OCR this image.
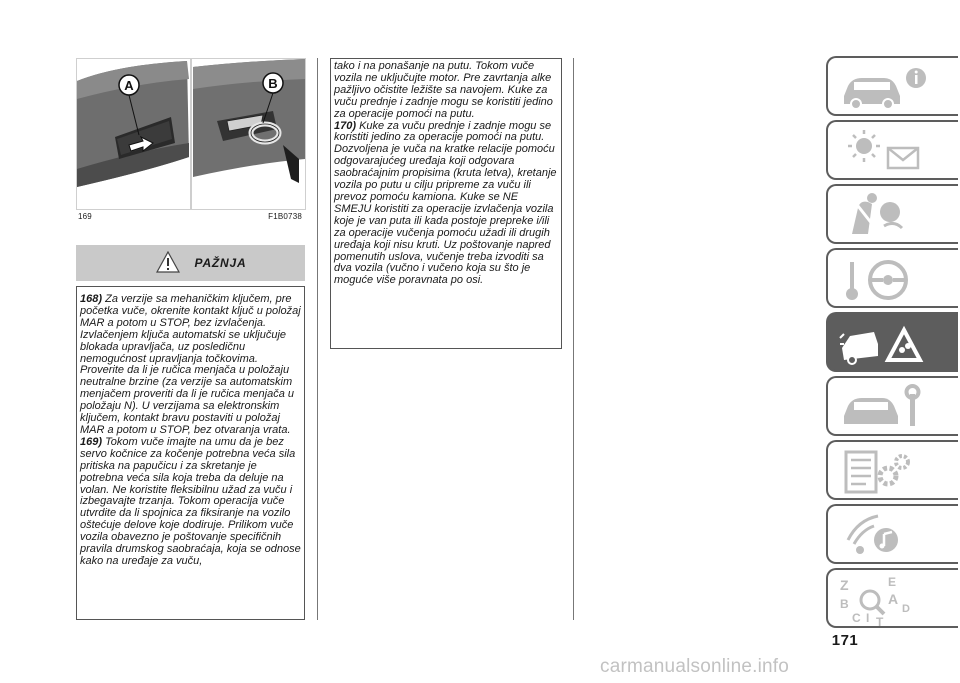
A	B
169	F1B0738
PAŽNJA

168) Za verzije sa mehaničkim ključem, pre početka vuče, okrenite kontakt ključ u položaj MAR a potom u STOP, bez izvlačenja. Izvlačenjem ključa automatski se uključuje blokada upravljača, uz posledičnu nemogućnost upravljanja točkovima. Proverite da li je ručica menjača u položaju neutralne brzine (za verzije sa automatskim menjačem proveriti da li je ručica menjača u položaju N). U verzijama sa elektronskim ključem, kontakt bravu postaviti u položaj MAR a potom u STOP, bez otvaranja vrata.

169) Tokom vuče imajte na umu da je bez servo kočnice za kočenje potrebna veća sila pritiska na papučicu i za skretanje je potrebna veća sila koja treba da deluje na volan. Ne koristite fleksibilnu užad za vuču i izbegavajte trzanja. Tokom operacija vuče utvrdite da li spojnica za fiksiranje na vozilo oštećuje delove koje dodiruje. Prilikom vuče vozila obavezno je poštovanje specifičnih pravila drumskog saobraćaja, koja se odnose kako na uređaje za vuču,

tako i na ponašanje na putu. Tokom vuče vozila ne uključujte motor. Pre zavrtanja alke pažljivo očistite ležište sa navojem. Kuke za vuču prednje i zadnje mogu se koristiti jedino za operacije pomoći na putu.

170) Kuke za vuču prednje i zadnje mogu se koristiti jedino za operacije pomoći na putu. Dozvoljena je vuča na kratke relacije pomoću odgovarajućeg uređaja koji odgovara saobraćajnim propisima (kruta letva), kretanje vozila po putu u cilju pripreme za vuču ili prevoz pomoću kamiona. Kuke se NE SMEJU koristiti za operacije izvlačenja vozila koje je van puta ili kada postoje prepreke i/ili za operacije vučenja pomoću užadi ili drugih uređaja koji nisu kruti. Uz poštovanje napred pomenutih uslova, vučenje treba izvoditi sa dva vozila (vučno i vučeno koja su što je moguće više poravnata po osi.

Z	E
B	A
D
C I T
171
carmanualsonline.info
